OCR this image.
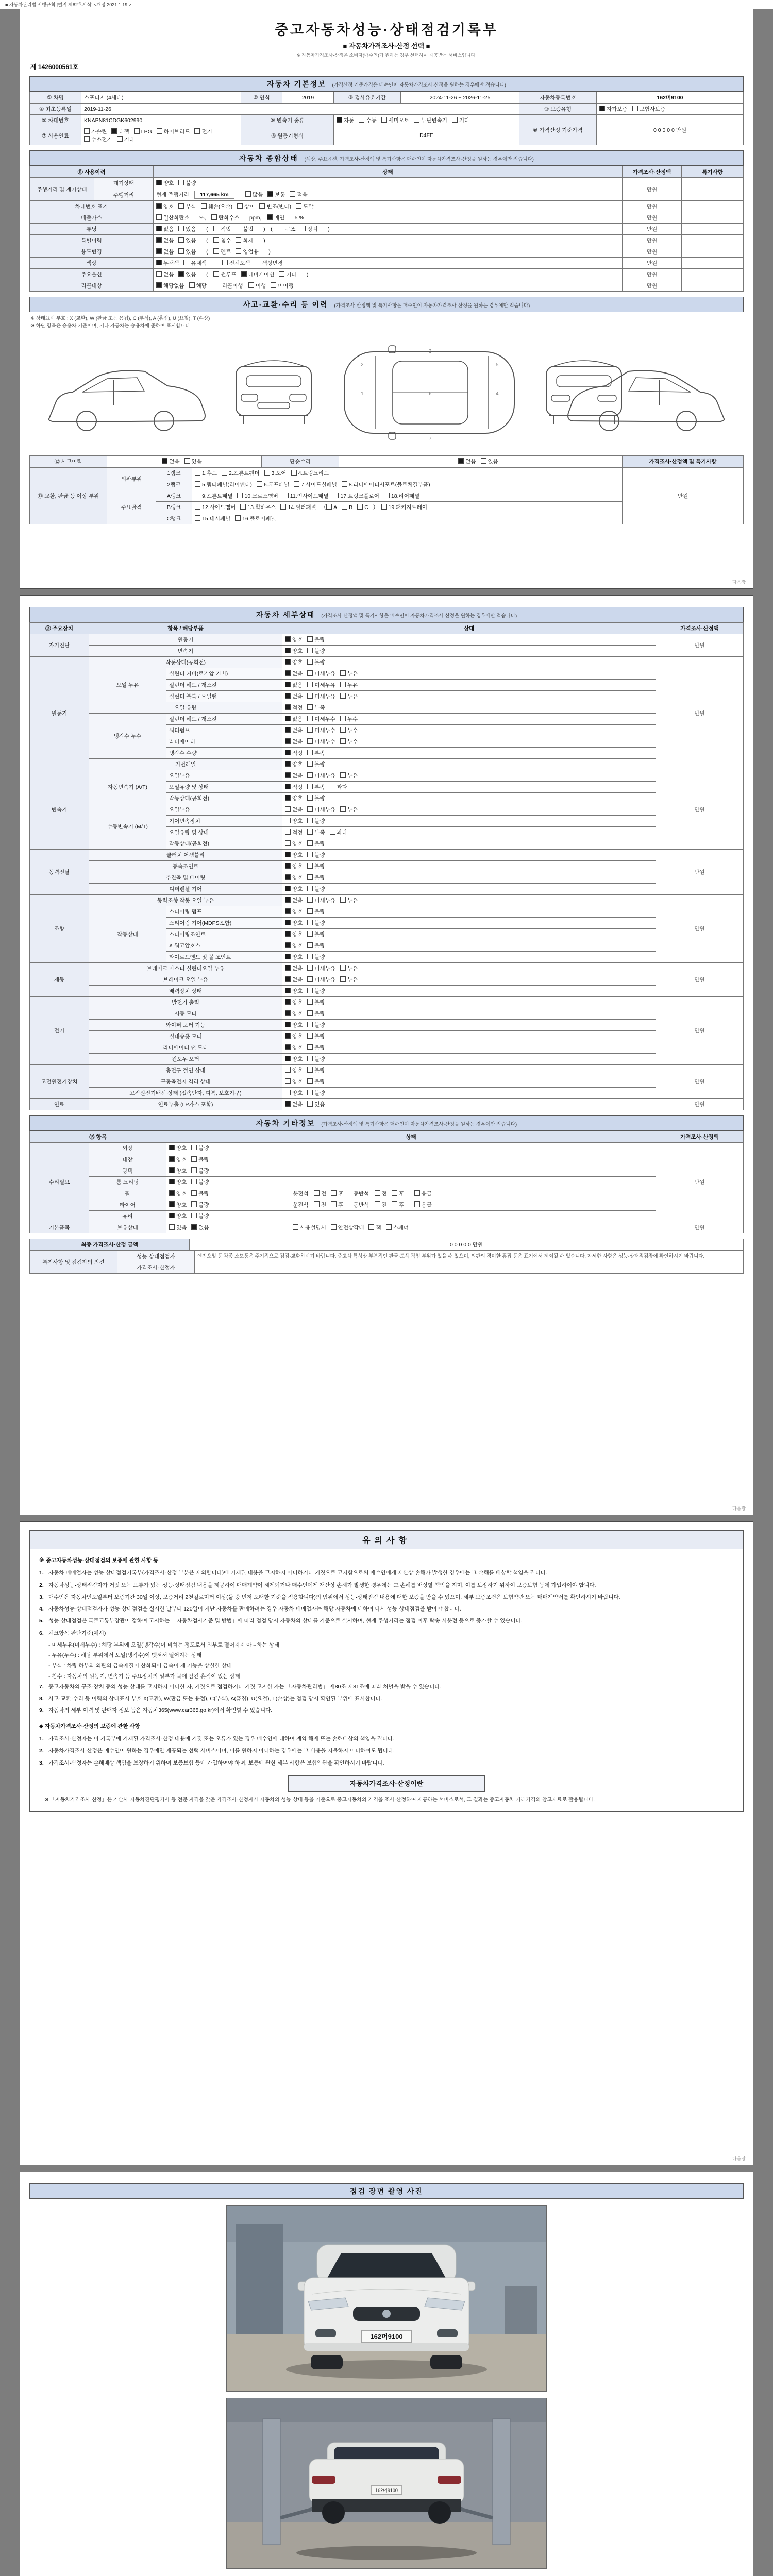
■ 자동차관리법 시행규칙 [별지 제82호서식] <개정 2021.1.19.>
중고자동차성능·상태점검기록부
■ 자동차가격조사·산정 선택 ■
※ 자동차가격조사·산정은 소비자(매수인)가 원하는 경우 선택하여 제공받는 서비스입니다.
제 1426000561호
자동차 기본정보 (가격산정 기준가격은 매수인이 자동차가격조사·산정을 원하는 경우에만 적습니다)
① 차명	스포티지 (4세대)	② 연식	2019	③ 검사유효기간	2024-11-26 ~ 2026-11-25	자동차등록번호	162머9100
④ 최초등록일	2019-11-26					⑨ 보증유형	자가보증 보험사보증
⑤ 차대번호	KNAPN81CDGK602990	⑥ 변속기 종류		자동 수동 세미오토 무단변속기 기타		⑩ 가격산정 기준가격	0 0 0 0 0 만원
⑦ 사용연료	가솔린 디젤 LPG 하이브리드 전기수소전기 기타	⑧ 원동기형식		D4FE			
자동차 종합상태 (색상, 주요옵션, 가격조사·산정액 및 특기사항은 매수인이 자동차가격조사·산정을 원하는 경우에만 적습니다)
⑪ 사용이력		상태	가격조사·산정액	특기사항
주행거리 및 계기상태	계기상태	양호 불량	만원	
	주행거리	현재 주행거리　117,665 km　　 많음 보통 적음		
차대번호 표기		양호 부식 훼손(오손) 상이 변조(변타) 도말	만원	
배출가스		일산화탄소　%,　탄화수소　ppm,　매연　5 %	만원	
튜닝		없음 있음　(　적법 불법　)　(　구조 장치　)	만원	
특별이력		없음 있음　(　침수 화재　)	만원	
용도변경		없음 있음　(　렌트 영업용　)	만원	
색상		무채색 유채색　　 전체도색 색상변경	만원	
주요옵션		없음 있음　(　썬루프 네비게이션 기타　)	만원	
리콜대상		해당없음 해당　　리콜이행　이행 미이행	만원	
사고·교환·수리 등 이력 (가격조사·산정액 및 특기사항은 매수인이 자동차가격조사·산정을 원하는 경우에만 적습니다)
※ 상태표시 부호 : X (교환), W (판금 또는 용접), C (부식), A (흠집), U (요철), T (손상)
※ 하단 항목은 승용차 기준이며, 기타 자동차는 승용차에 준하여 표시합니다.
1
2
3
6
5
4
7
⑫ 사고이력	없음 있음	단순수리	없음 있음	가격조사·산정액 및 특기사항
⑬ 교환, 판금 등 이상 부위	외판부위	1랭크	1.후드 2.프론트펜더 3.도어 4.트렁크리드	만원
		2랭크	5.쿼터패널(리어펜더) 6.루프패널 7.사이드실패널 8.라디에이터서포트(볼트체결부품)	
	주요골격	A랭크	9.프론트패널 10.크로스멤버 11.인사이드패널 17.트렁크플로어 18.리어패널	
		B랭크	12.사이드멤버 13.휠하우스 14.필러패널 （ A B C ）　19.패키지트레이	
		C랭크	15.대시패널 16.플로어패널	
다음장
자동차 세부상태 (가격조사·산정액 및 특기사항은 매수인이 자동차가격조사·산정을 원하는 경우에만 적습니다)
⑭ 주요장치	항목 / 해당부품		상태	가격조사·산정액
자기진단	원동기		양호 불량	만원
	변속기		양호 불량	
원동기	작동상태(공회전)		양호 불량	만원
	오일 누유	실린더 커버(로커암 커버)	없음 미세누유 누유	
		실린더 헤드 / 개스킷	없음 미세누유 누유	
		실린더 블록 / 오일팬	없음 미세누유 누유	
	오일 유량		적정 부족	
	냉각수 누수	실린더 헤드 / 개스킷	없음 미세누수 누수	
		워터펌프	없음 미세누수 누수	
		라디에이터	없음 미세누수 누수	
		냉각수 수량	적정 부족	
	커먼레일		양호 불량	
변속기	자동변속기 (A/T)	오일누유	없음 미세누유 누유	만원
		오일유량 및 상태	적정 부족 과다	
		작동상태(공회전)	양호 불량	
	수동변속기 (M/T)	오일누유	없음 미세누유 누유	
		기어변속장치	양호 불량	
		오일유량 및 상태	적정 부족 과다	
		작동상태(공회전)	양호 불량	
동력전달	클러치 어셈블리		양호 불량	만원
	등속조인트		양호 불량	
	추진축 및 베어링		양호 불량	
	디퍼렌셜 기어		양호 불량	
조향	동력조향 작동 오일 누유		없음 미세누유 누유	만원
	작동상태	스티어링 펌프	양호 불량	
		스티어링 기어(MDPS포함)	양호 불량	
		스티어링조인트	양호 불량	
		파워고압호스	양호 불량	
		타이로드엔드 및 볼 조인트	양호 불량	
제동	브레이크 마스터 실린더오일 누유		없음 미세누유 누유	만원
	브레이크 오일 누유		없음 미세누유 누유	
	배력장치 상태		양호 불량	
전기	발전기 출력		양호 불량	만원
	시동 모터		양호 불량	
	와이퍼 모터 기능		양호 불량	
	실내송풍 모터		양호 불량	
	라디에이터 팬 모터		양호 불량	
	윈도우 모터		양호 불량	
고전원전기장치	충전구 절연 상태		양호 불량	만원
	구동축전지 격리 상태		양호 불량	
	고전원전기배선 상태 (접속단자, 피복, 보호기구)		양호 불량	
연료	연료누출 (LP가스 포함)		없음 있음	만원
자동차 기타정보 (가격조사·산정액 및 특기사항은 매수인이 자동차가격조사·산정을 원하는 경우에만 적습니다)
⑮ 항목		상태		가격조사·산정액
수리필요	외장	양호 불량		만원
	내장	양호 불량		
	광택	양호 불량		
	룸 크리닝	양호 불량		
	휠	양호 불량	운전석　전 후　동반석　전 후　 응급	
	타이어	양호 불량	운전석　전 후　동반석　전 후　 응급	
	유리	양호 불량		
기본품목	보유상태	있음 없음	사용설명서 안전삼각대 잭 스패너	만원
최종 가격조사·산정 금액	0 0 0 0 0 만원
특기사항 및 점검자의 의견	성능·상태점검자	엔진오일 등 각종 소모품은 주기적으로 점검·교환하시기 바랍니다. 중고차 특성상 부분적인 판금·도색 작업 부위가 있을 수 있으며, 외판의 경미한 흠집 등은 표기에서 제외될 수 있습니다. 자세한 사항은 성능·상태점검장에 확인하시기 바랍니다.
	가격조사·산정자	
다음장
유의사항
※ 중고자동차성능·상태점검의 보증에 관한 사항 등
1. 자동차 매매업자는 성능·상태점검기록부(가격조사·산정 부분은 제외합니다)에 기재된 내용을 고지하지 아니하거나 거짓으로 고지함으로써 매수인에게 재산상 손해가 발생한 경우에는 그 손해를 배상할 책임을 집니다.
2. 자동차성능·상태점검자가 거짓 또는 오류가 있는 성능·상태점검 내용을 제공하여 매매계약이 해제되거나 매수인에게 재산상 손해가 발생한 경우에는 그 손해를 배상할 책임을 지며, 이를 보장하기 위하여 보증보험 등에 가입하여야 합니다.
3. 매수인은 자동차인도일부터 보증기간 30일 이상, 보증거리 2천킬로미터 이상(둘 중 먼저 도래한 기준을 적용합니다)의 범위에서 성능·상태점검 내용에 대한 보증을 받을 수 있으며, 세부 보증조건은 보험약관 또는 매매계약서를 확인하시기 바랍니다.
4. 자동차성능·상태점검자가 성능·상태점검을 실시한 날부터 120일이 지난 자동차를 판매하려는 경우 자동차 매매업자는 해당 자동차에 대하여 다시 성능·상태점검을 받아야 합니다.
5. 성능·상태점검은 국토교통부장관이 정하여 고시하는 「자동차검사기준 및 방법」에 따라 점검 당시 자동차의 상태를 기준으로 실시하며, 현재 주행거리는 점검 이후 탁송·시운전 등으로 증가할 수 있습니다.
6. 체크항목 판단기준(예시)
- 미세누유(미세누수) : 해당 부위에 오일(냉각수)이 비치는 정도로서 외부로 떨어지지 아니하는 상태
- 누유(누수) : 해당 부위에서 오일(냉각수)이 맺혀서 떨어지는 상태
- 부식 : 차량 하부와 외판의 금속재질이 산화되어 금속이 제 기능을 상실한 상태
- 침수 : 자동차의 원동기, 변속기 등 주요장치의 일부가 물에 잠긴 흔적이 있는 상태
7. 중고자동차의 구조·장치 등의 성능·상태를 고지하지 아니한 자, 거짓으로 점검하거나 거짓 고지한 자는 「자동차관리법」 제80조·제81조에 따라 처벌을 받을 수 있습니다.
8. 사고·교환·수리 등 이력의 상태표시 부호 X(교환), W(판금 또는 용접), C(부식), A(흠집), U(요철), T(손상)는 점검 당시 확인된 부위에 표시합니다.
9. 자동차의 세부 이력 및 판매자 정보 등은 자동차365(www.car365.go.kr)에서 확인할 수 있습니다.
◆ 자동차가격조사·산정의 보증에 관한 사항
1. 가격조사·산정자는 이 기록부에 기재된 가격조사·산정 내용에 거짓 또는 오류가 있는 경우 매수인에 대하여 계약 해제 또는 손해배상의 책임을 집니다.
2. 자동차가격조사·산정은 매수인이 원하는 경우에만 제공되는 선택 서비스이며, 이를 원하지 아니하는 경우에는 그 비용을 지불하지 아니하여도 됩니다.
3. 가격조사·산정자는 손해배상 책임을 보장하기 위하여 보증보험 등에 가입하여야 하며, 보증에 관한 세부 사항은 보험약관을 확인하시기 바랍니다.
자동차가격조사·산정이란
※ 「자동차가격조사·산정」은 기술사·자동차진단평가사 등 전문 자격을 갖춘 가격조사·산정자가 자동차의 성능·상태 등을 기준으로 중고자동차의 가격을 조사·산정하여 제공하는 서비스로서, 그 결과는 중고자동차 거래가격의 참고자료로 활용됩니다.
다음장
점검 장면 촬영 사진
162머9100
162머9100
